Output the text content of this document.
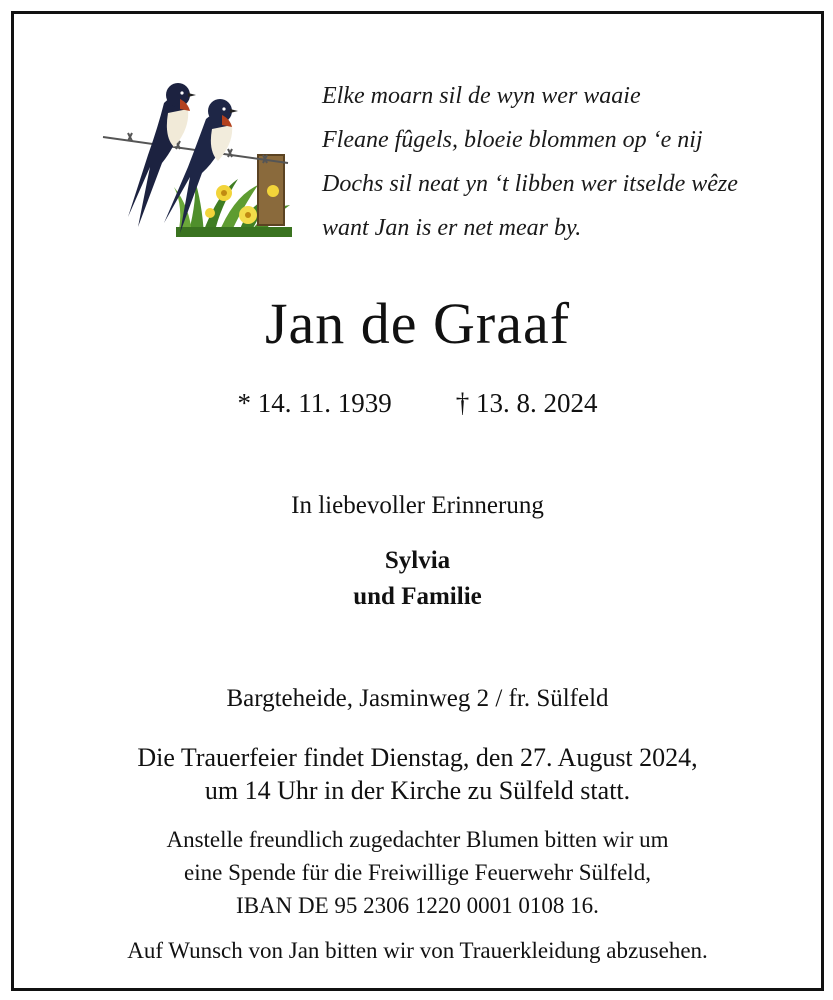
Elke moarn sil de wyn wer waaie
Fleane fûgels, bloeie blommen op ‘e nij
Dochs sil neat yn ‘t libben wer itselde wêze
want Jan is er net mear by.
Jan de Graaf
* 14. 11. 1939 † 13. 8. 2024
In liebevoller Erinnerung
Sylvia
und Familie
Bargteheide, Jasminweg 2 / fr. Sülfeld
Die Trauerfeier findet Dienstag, den 27. August 2024,
um 14 Uhr in der Kirche zu Sülfeld statt.
Anstelle freundlich zugedachter Blumen bitten wir um
eine Spende für die Freiwillige Feuerwehr Sülfeld,
IBAN DE 95 2306 1220 0001 0108 16.
Auf Wunsch von Jan bitten wir von Trauerkleidung abzusehen.
